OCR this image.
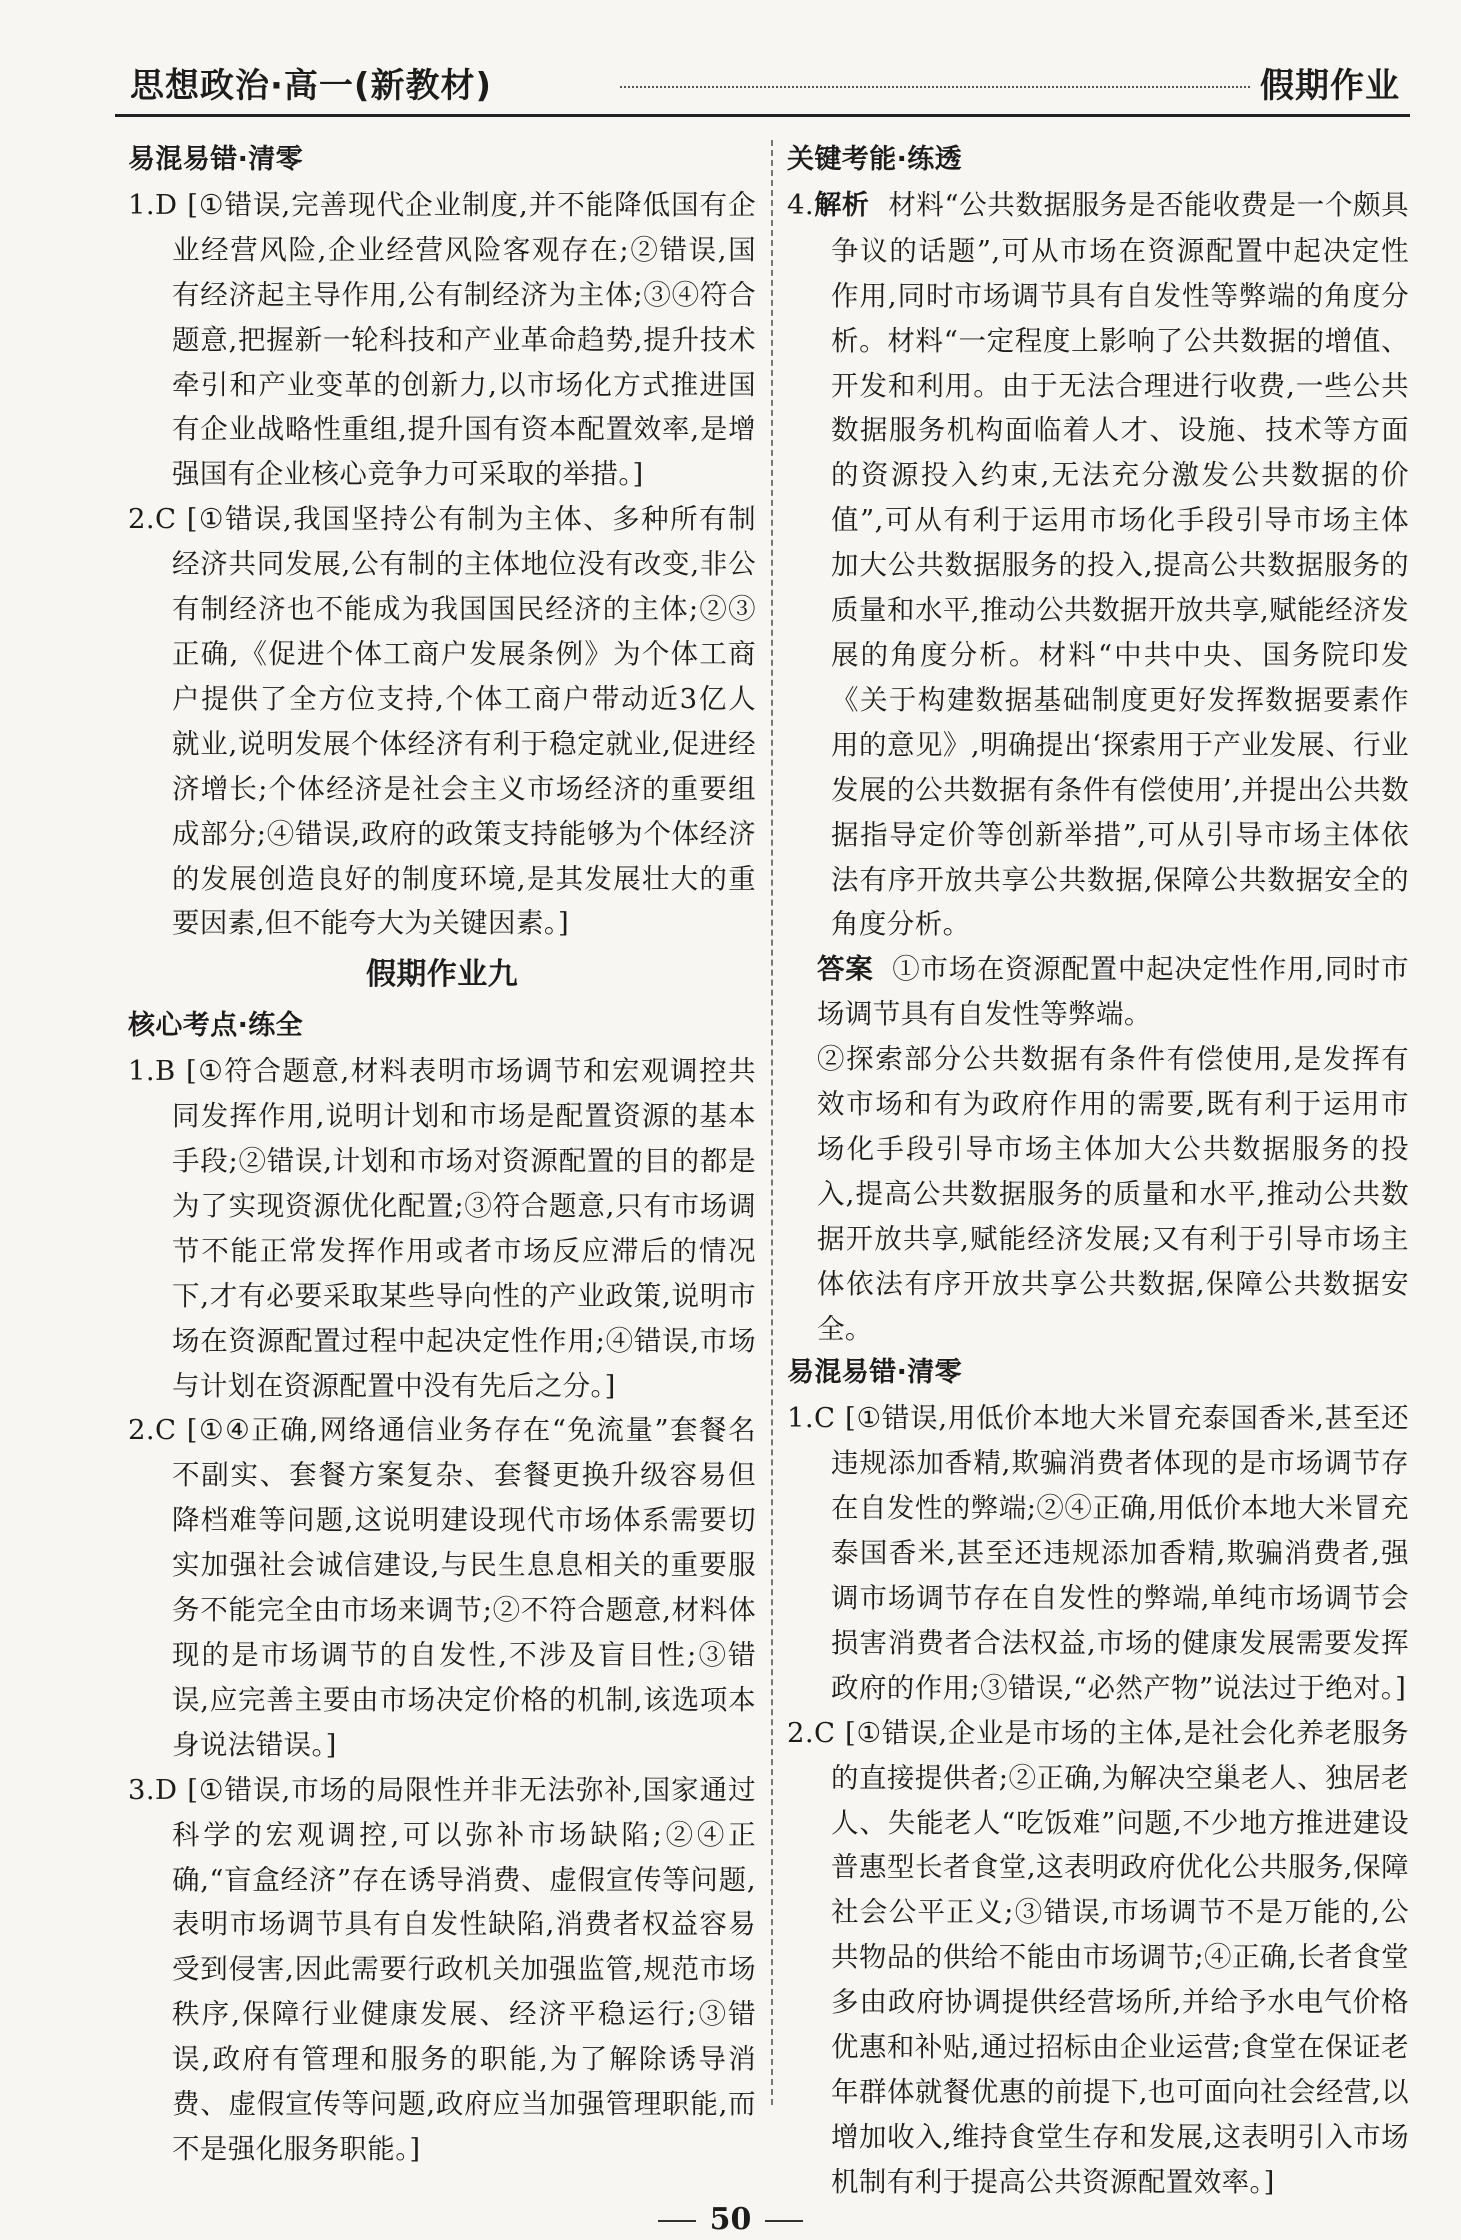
思想政治·高一(新教材)	假期作业
易混易错·清零

1.D [①错误,完善现代企业制度,并不能降低国有企业经营风险,企业经营风险客观存在;②错误,国有经济起主导作用,公有制经济为主体;③④符合题意,把握新一轮科技和产业革命趋势,提升技术牵引和产业变革的创新力,以市场化方式推进国有企业战略性重组,提升国有资本配置效率,是增强国有企业核心竞争力可采取的举措。]

2.C [①错误,我国坚持公有制为主体、多种所有制经济共同发展,公有制的主体地位没有改变,非公有制经济也不能成为我国国民经济的主体;②③正确,《促进个体工商户发展条例》为个体工商户提供了全方位支持,个体工商户带动近3亿人就业,说明发展个体经济有利于稳定就业,促进经济增长;个体经济是社会主义市场经济的重要组成部分;④错误,政府的政策支持能够为个体经济的发展创造良好的制度环境,是其发展壮大的重要因素,但不能夸大为关键因素。]

假期作业九
核心考点·练全

1.B [①符合题意,材料表明市场调节和宏观调控共同发挥作用,说明计划和市场是配置资源的基本手段;②错误,计划和市场对资源配置的目的都是为了实现资源优化配置;③符合题意,只有市场调节不能正常发挥作用或者市场反应滞后的情况下,才有必要采取某些导向性的产业政策,说明市场在资源配置过程中起决定性作用;④错误,市场与计划在资源配置中没有先后之分。]

2.C [①④正确,网络通信业务存在“免流量”套餐名不副实、套餐方案复杂、套餐更换升级容易但降档难等问题,这说明建设现代市场体系需要切实加强社会诚信建设,与民生息息相关的重要服务不能完全由市场来调节;②不符合题意,材料体现的是市场调节的自发性,不涉及盲目性;③错误,应完善主要由市场决定价格的机制,该选项本身说法错误。]

3.D [①错误,市场的局限性并非无法弥补,国家通过科学的宏观调控,可以弥补市场缺陷;②④正确,“盲盒经济”存在诱导消费、虚假宣传等问题,表明市场调节具有自发性缺陷,消费者权益容易受到侵害,因此需要行政机关加强监管,规范市场秩序,保障行业健康发展、经济平稳运行;③错误,政府有管理和服务的职能,为了解除诱导消费、虚假宣传等问题,政府应当加强管理职能,而不是强化服务职能。]

关键考能·练透

4.解析 材料“公共数据服务是否能收费是一个颇具争议的话题”,可从市场在资源配置中起决定性作用,同时市场调节具有自发性等弊端的角度分析。材料“一定程度上影响了公共数据的增值、开发和利用。由于无法合理进行收费,一些公共数据服务机构面临着人才、设施、技术等方面的资源投入约束,无法充分激发公共数据的价值”,可从有利于运用市场化手段引导市场主体加大公共数据服务的投入,提高公共数据服务的质量和水平,推动公共数据开放共享,赋能经济发展的角度分析。材料“中共中央、国务院印发《关于构建数据基础制度更好发挥数据要素作用的意见》,明确提出‘探索用于产业发展、行业发展的公共数据有条件有偿使用’,并提出公共数据指导定价等创新举措”,可从引导市场主体依法有序开放共享公共数据,保障公共数据安全的角度分析。

答案 ①市场在资源配置中起决定性作用,同时市场调节具有自发性等弊端。

②探索部分公共数据有条件有偿使用,是发挥有效市场和有为政府作用的需要,既有利于运用市场化手段引导市场主体加大公共数据服务的投入,提高公共数据服务的质量和水平,推动公共数据开放共享,赋能经济发展;又有利于引导市场主体依法有序开放共享公共数据,保障公共数据安全。

易混易错·清零

1.C [①错误,用低价本地大米冒充泰国香米,甚至还违规添加香精,欺骗消费者体现的是市场调节存在自发性的弊端;②④正确,用低价本地大米冒充泰国香米,甚至还违规添加香精,欺骗消费者,强调市场调节存在自发性的弊端,单纯市场调节会损害消费者合法权益,市场的健康发展需要发挥政府的作用;③错误,“必然产物”说法过于绝对。]

2.C [①错误,企业是市场的主体,是社会化养老服务的直接提供者;②正确,为解决空巢老人、独居老人、失能老人“吃饭难”问题,不少地方推进建设普惠型长者食堂,这表明政府优化公共服务,保障社会公平正义;③错误,市场调节不是万能的,公共物品的供给不能由市场调节;④正确,长者食堂多由政府协调提供经营场所,并给予水电气价格优惠和补贴,通过招标由企业运营;食堂在保证老年群体就餐优惠的前提下,也可面向社会经营,以增加收入,维持食堂生存和发展,这表明引入市场机制有利于提高公共资源配置效率。]

50
